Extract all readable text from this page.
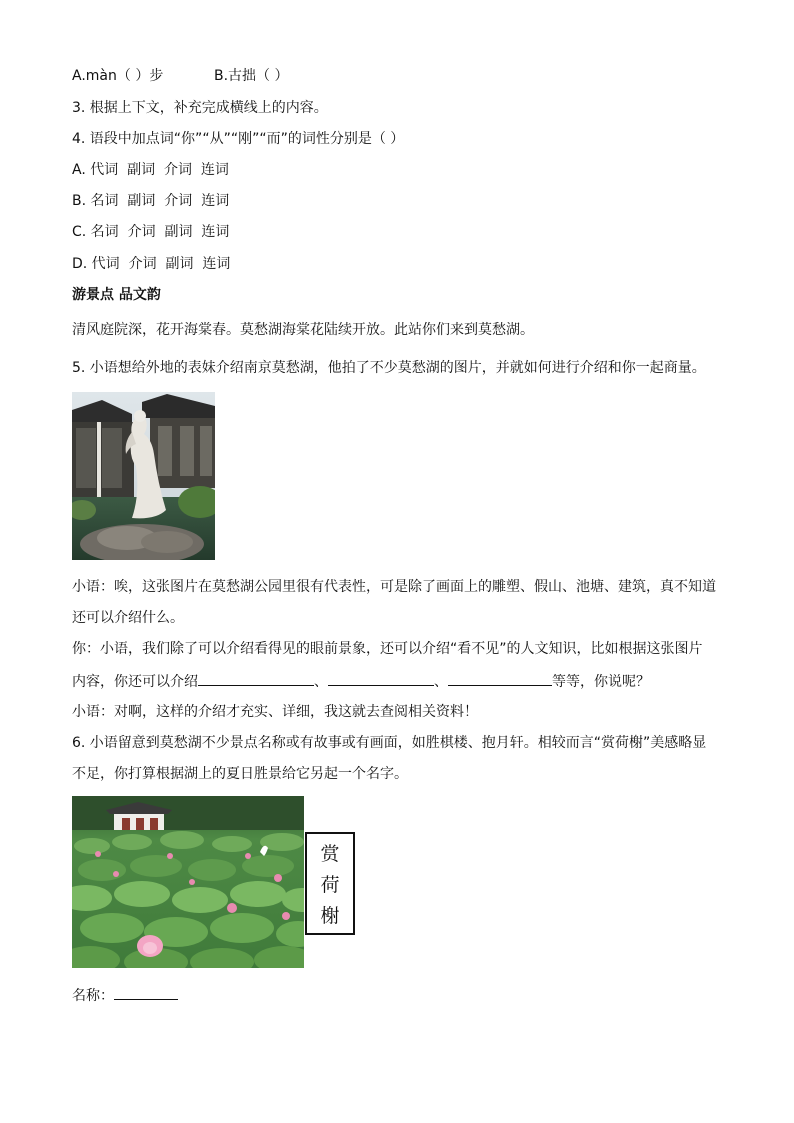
A.màn（ ）步	B.古拙（ ）
3. 根据上下文，补充完成横线上的内容。
4. 语段中加点词“你”“从”“刚”“而”的词性分别是（ ）
A. 代词  副词  介词  连词
B. 名词  副词  介词  连词
C. 名词  介词  副词  连词
D. 代词  介词  副词  连词
游景点 品文韵
清风庭院深，花开海棠春。莫愁湖海棠花陆续开放。此站你们来到莫愁湖。
5. 小语想给外地的表妹介绍南京莫愁湖，他拍了不少莫愁湖的图片，并就如何进行介绍和你一起商量。
小语：唉，这张图片在莫愁湖公园里很有代表性，可是除了画面上的雕塑、假山、池塘、建筑，真不知道
还可以介绍什么。
你：小语，我们除了可以介绍看得见的眼前景象，还可以介绍“看不见”的人文知识，比如根据这张图片
内容，你还可以介绍	、	、	等等，你说呢？
小语：对啊，这样的介绍才充实、详细，我这就去查阅相关资料！
6. 小语留意到莫愁湖不少景点名称或有故事或有画面，如胜棋楼、抱月轩。相较而言“赏荷榭”美感略显
不足，你打算根据湖上的夏日胜景给它另起一个名字。
赏
荷
榭
名称：
